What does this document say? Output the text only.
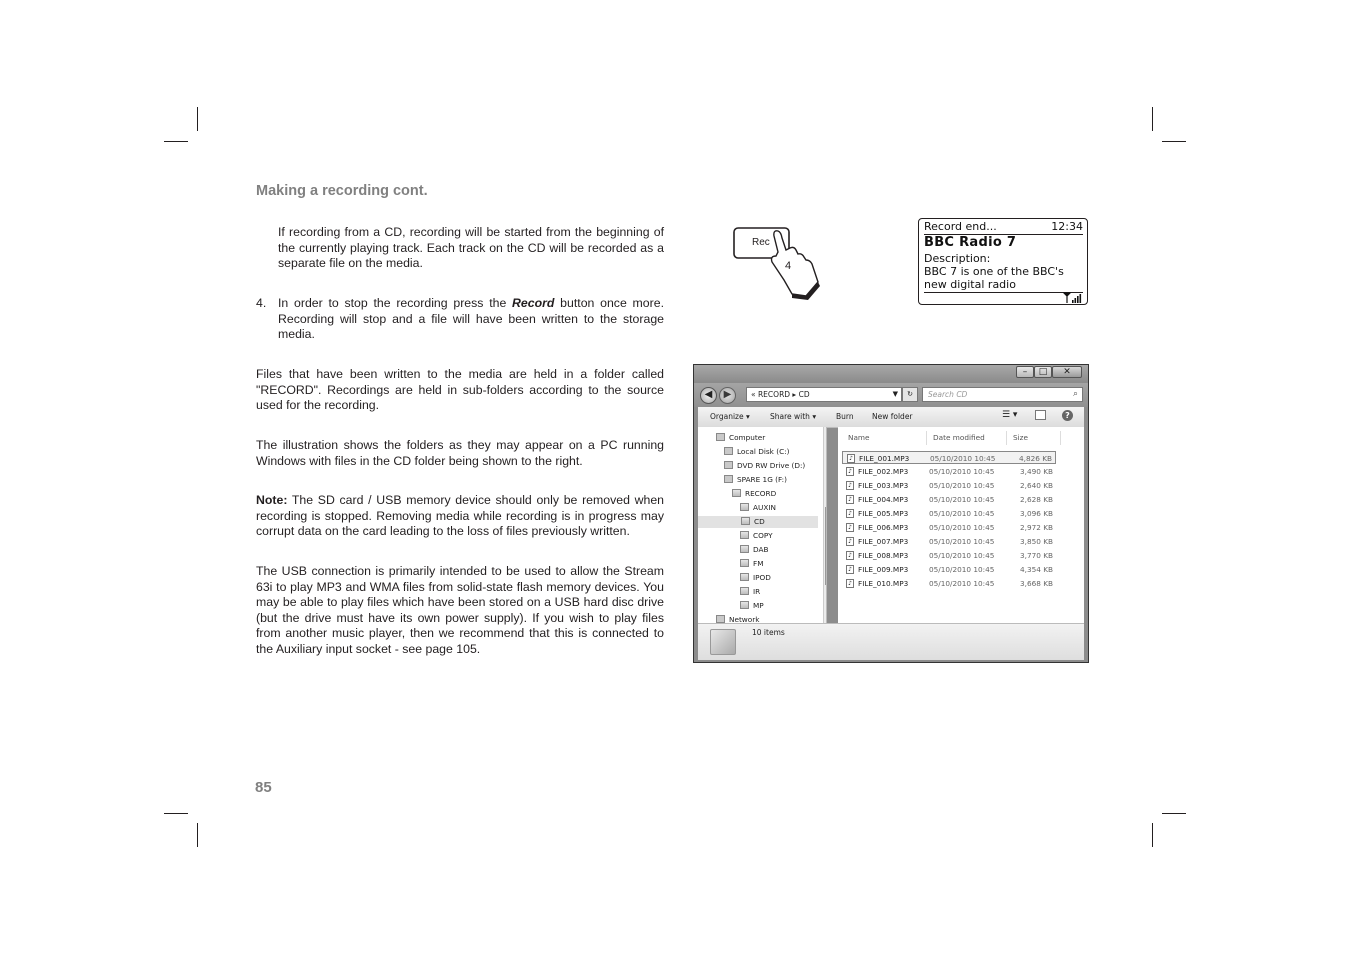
Making a recording cont.

If recording from a CD, recording will be started from the beginning of the currently playing track. Each track on the CD will be recorded as a separate file on the media.

4. In order to stop the recording press the Record button once more. Recording will stop and a file will have been written to the storage media.

Files that have been written to the media are held in a folder called "RECORD". Recordings are held in sub-folders according to the source used for the recording.

The illustration shows the folders as they may appear on a PC running Windows with files in the CD folder being shown to the right.

Note: The SD card / USB memory device should only be removed when recording is stopped. Removing media while recording is in progress may corrupt data on the card leading to the loss of files previously written.

The USB connection is primarily intended to be used to allow the Stream 63i to play MP3 and WMA files from solid-state flash memory devices. You may be able to play files which have been stored on a USB hard disc drive (but the drive must have its own power supply). If you wish to play files from another music player, then we recommend that this is connected to the Auxiliary input socket - see page 105.

85
Rec
4
Record end...	12:34
BBC Radio 7
Description:
BBC 7 is one of the BBC's
new digital radio
–	□	✕
◀	▶	« RECORD ▸ CD	▼	↻	Search CD	⌕
Organize ▾	Share with ▾	Burn New folder	☰ ▾	?
Computer
Local Disk (C:)
DVD RW Drive (D:)
SPARE 1G (F:)
RECORD
AUXIN
CD
COPY
DAB
FM
IPOD
IR
MP
Network
Name	Date modified	Size
♪ FILE_001.MP3	05/10/2010 10:45	4,826 KB
♪ FILE_002.MP3	05/10/2010 10:45	3,490 KB
♪ FILE_003.MP3	05/10/2010 10:45	2,640 KB
♪ FILE_004.MP3	05/10/2010 10:45	2,628 KB
♪ FILE_005.MP3	05/10/2010 10:45	3,096 KB
♪ FILE_006.MP3	05/10/2010 10:45	2,972 KB
♪ FILE_007.MP3	05/10/2010 10:45	3,850 KB
♪ FILE_008.MP3	05/10/2010 10:45	3,770 KB
♪ FILE_009.MP3	05/10/2010 10:45	4,354 KB
♪ FILE_010.MP3	05/10/2010 10:45	3,668 KB
10 items
